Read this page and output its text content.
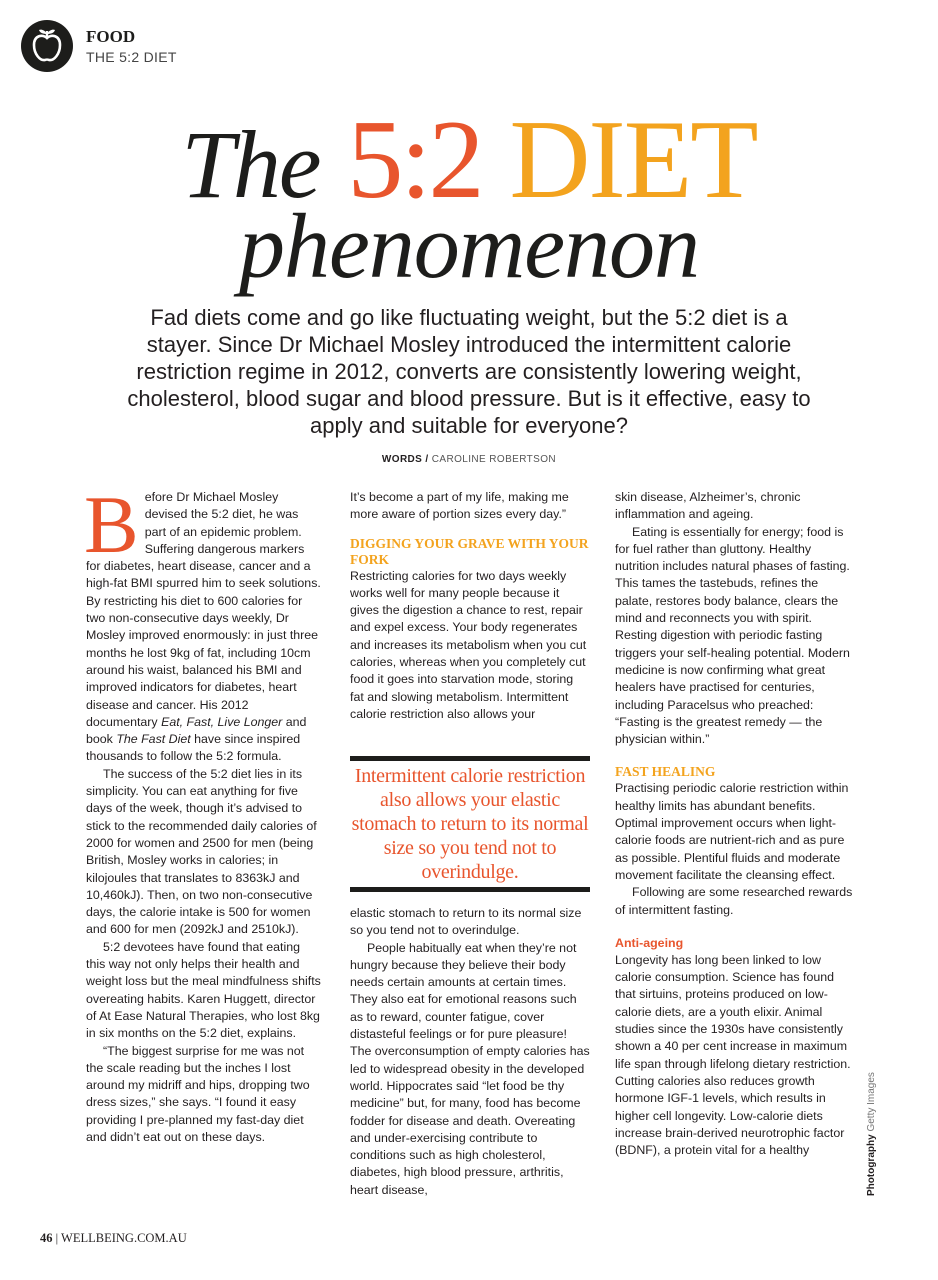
FOOD
THE 5:2 DIET
The 5:2 DIET
phenomenon
Fad diets come and go like fluctuating weight, but the 5:2 diet is a stayer. Since Dr Michael Mosley introduced the intermittent calorie restriction regime in 2012, converts are consistently lowering weight, cholesterol, blood sugar and blood pressure. But is it effective, easy to apply and suitable for everyone?
WORDS / CAROLINE ROBERTSON

Before Dr Michael Mosley devised the 5:2 diet, he was part of an epidemic problem. Suffering dangerous markers for diabetes, heart disease, cancer and a high-fat BMI spurred him to seek solutions. By restricting his diet to 600 calories for two non-consecutive days weekly, Dr Mosley improved enormously: in just three months he lost 9kg of fat, including 10cm around his waist, balanced his BMI and improved indicators for diabetes, heart disease and cancer. His 2012 documentary Eat, Fast, Live Longer and book The Fast Diet have since inspired thousands to follow the 5:2 formula.

The success of the 5:2 diet lies in its simplicity. You can eat anything for five days of the week, though it’s advised to stick to the recommended daily calories of 2000 for women and 2500 for men (being British, Mosley works in calories; in kilojoules that translates to 8363kJ and 10,460kJ). Then, on two non-consecutive days, the calorie intake is 500 for women and 600 for men (2092kJ and 2510kJ).

5:2 devotees have found that eating this way not only helps their health and weight loss but the meal mindfulness shifts overeating habits. Karen Huggett, director of At Ease Natural Therapies, who lost 8kg in six months on the 5:2 diet, explains.

“The biggest surprise for me was not the scale reading but the inches I lost around my midriff and hips, dropping two dress sizes,” she says. “I found it easy providing I pre-planned my fast-day diet and didn’t eat out on these days.

It’s become a part of my life, making me more aware of portion sizes every day.”

DIGGING YOUR GRAVE WITH YOUR FORK

Restricting calories for two days weekly works well for many people because it gives the digestion a chance to rest, repair and expel excess. Your body regenerates and increases its metabolism when you cut calories, whereas when you completely cut food it goes into starvation mode, storing fat and slowing metabolism. Intermittent calorie restriction also allows your

Intermittent calorie restriction also allows your elastic stomach to return to its normal size so you tend not to overindulge.

elastic stomach to return to its normal size so you tend not to overindulge.

People habitually eat when they’re not hungry because they believe their body needs certain amounts at certain times. They also eat for emotional reasons such as to reward, counter fatigue, cover distasteful feelings or for pure pleasure! The overconsumption of empty calories has led to widespread obesity in the developed world. Hippocrates said “let food be thy medicine” but, for many, food has become fodder for disease and death. Overeating and under-exercising contribute to conditions such as high cholesterol, diabetes, high blood pressure, arthritis, heart disease,

skin disease, Alzheimer’s, chronic inflammation and ageing.

Eating is essentially for energy; food is for fuel rather than gluttony. Healthy nutrition includes natural phases of fasting. This tames the tastebuds, refines the palate, restores body balance, clears the mind and reconnects you with spirit. Resting digestion with periodic fasting triggers your self-healing potential. Modern medicine is now confirming what great healers have practised for centuries, including Paracelsus who preached: “Fasting is the greatest remedy — the physician within.”

FAST HEALING

Practising periodic calorie restriction within healthy limits has abundant benefits. Optimal improvement occurs when light-calorie foods are nutrient-rich and as pure as possible. Plentiful fluids and moderate movement facilitate the cleansing effect.

Following are some researched rewards of intermittent fasting.

Anti-ageing

Longevity has long been linked to low calorie consumption. Science has found that sirtuins, proteins produced on low-calorie diets, are a youth elixir. Animal studies since the 1930s have consistently shown a 40 per cent increase in maximum life span through lifelong dietary restriction. Cutting calories also reduces growth hormone IGF-1 levels, which results in higher cell longevity. Low-calorie diets increase brain-derived neurotrophic factor (BDNF), a protein vital for a healthy	Photography Getty Images
46 | WELLBEING.COM.AU
